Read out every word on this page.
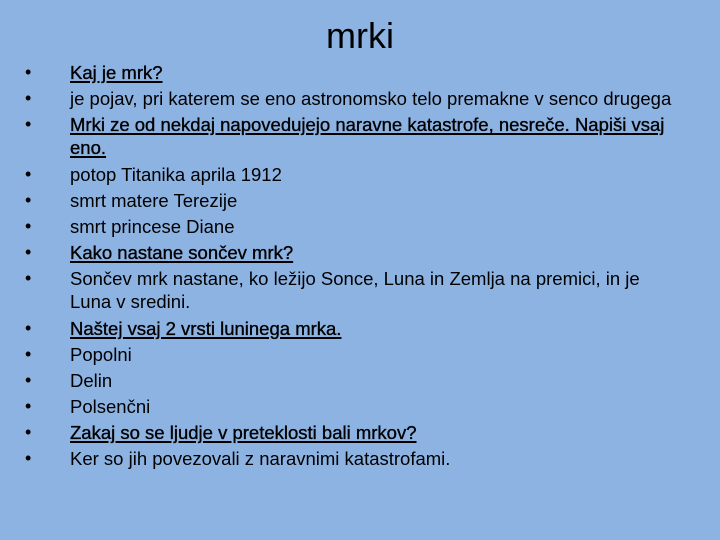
mrki
• Kaj je mrk?
• je pojav, pri katerem se eno astronomsko telo premakne v senco drugega
• Mrki ze od nekdaj napovedujejo naravne katastrofe, nesreče. Napiši vsaj eno.
• potop Titanika aprila 1912
• smrt matere Terezije
• smrt princese Diane
• Kako nastane sončev mrk?
• Sončev mrk nastane, ko ležijo Sonce, Luna in Zemlja na premici, in je Luna v sredini.
• Naštej vsaj 2 vrsti luninega mrka.
• Popolni
• Delin
• Polsenčni
• Zakaj so se ljudje v preteklosti bali mrkov?
• Ker so jih povezovali z naravnimi katastrofami.
